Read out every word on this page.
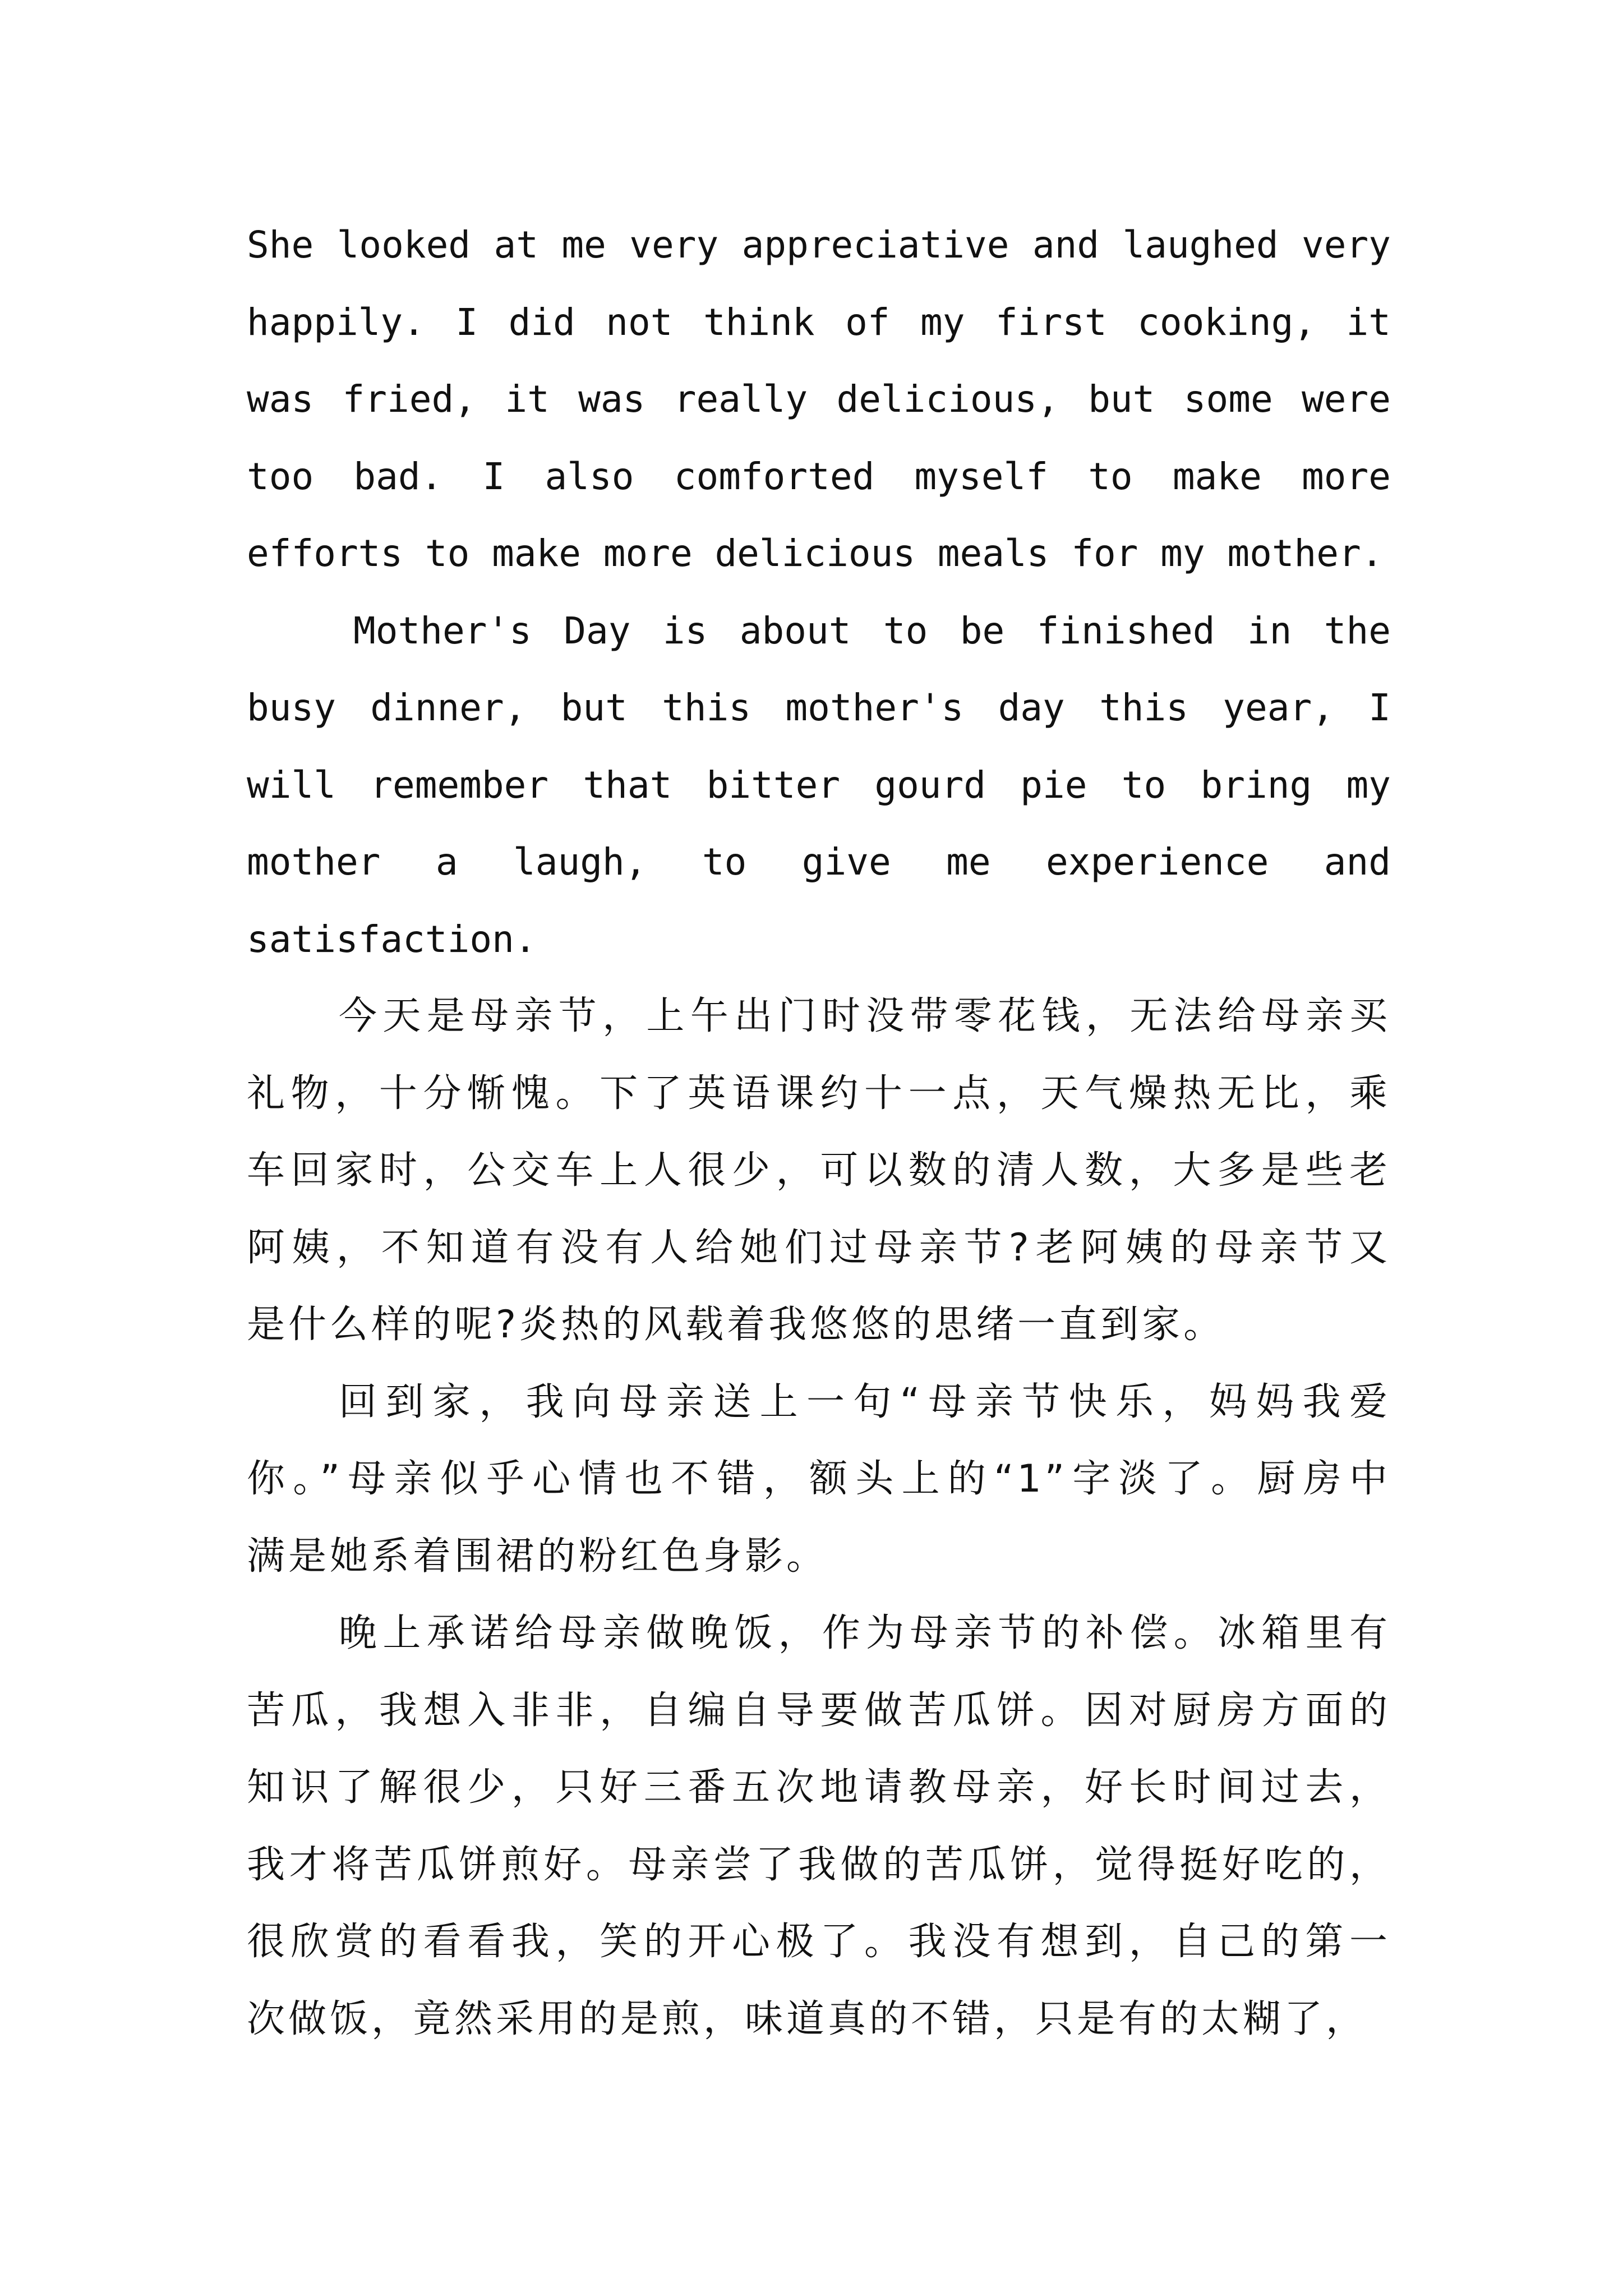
She looked at me very appreciative and laughed very
happily. I did not think of my first cooking, it
was fried, it was really delicious, but some were
too bad. I also comforted myself to make more
efforts to make more delicious meals for my mother.

Mother's Day is about to be finished in the
busy dinner, but this mother's day this year, I
will remember that bitter gourd pie to bring my
mother a laugh, to give me experience and
satisfaction.

今天是母亲节，上午出门时没带零花钱，无法给母亲买
礼物，十分惭愧。下了英语课约十一点，天气燥热无比，乘
车回家时，公交车上人很少，可以数的清人数，大多是些老
阿姨，不知道有没有人给她们过母亲节?老阿姨的母亲节又
是什么样的呢?炎热的风载着我悠悠的思绪一直到家。

回到家，我向母亲送上一句“母亲节快乐，妈妈我爱
你。”母亲似乎心情也不错，额头上的“1”字淡了。厨房中
满是她系着围裙的粉红色身影。

晚上承诺给母亲做晚饭，作为母亲节的补偿。冰箱里有
苦瓜，我想入非非，自编自导要做苦瓜饼。因对厨房方面的
知识了解很少，只好三番五次地请教母亲，好长时间过去，
我才将苦瓜饼煎好。母亲尝了我做的苦瓜饼，觉得挺好吃的，
很欣赏的看看我，笑的开心极了。我没有想到，自己的第一
次做饭，竟然采用的是煎，味道真的不错，只是有的太糊了，
